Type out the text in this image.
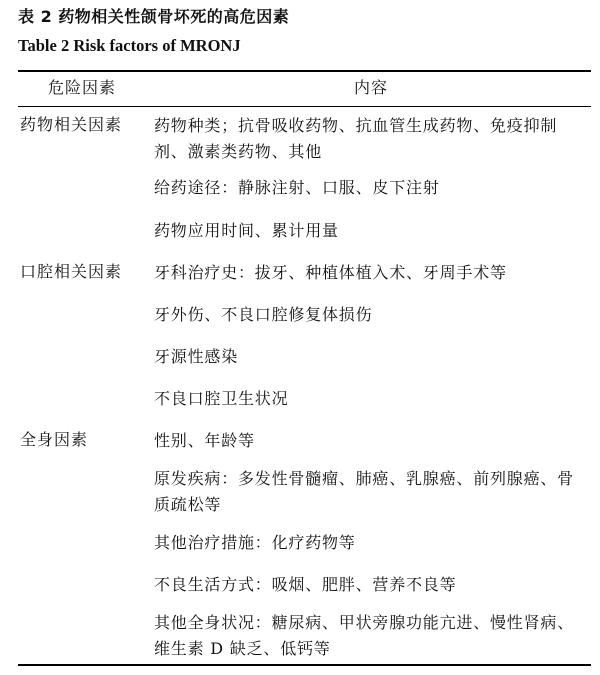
表 2 药物相关性颌骨坏死的高危因素
Table 2 Risk factors of MRONJ
危险因素	内容
药物相关因素 药物种类；抗骨吸收药物、抗血管生成药物、免疫抑制剂、激素类药物、其他
给药途径：静脉注射、口服、皮下注射
药物应用时间、累计用量
口腔相关因素 牙科治疗史：拔牙、种植体植入术、牙周手术等
牙外伤、不良口腔修复体损伤
牙源性感染
不良口腔卫生状况
全身因素	性别、年龄等
原发疾病：多发性骨髓瘤、肺癌、乳腺癌、前列腺癌、骨质疏松等
其他治疗措施：化疗药物等
不良生活方式：吸烟、肥胖、营养不良等
其他全身状况：糖尿病、甲状旁腺功能亢进、慢性肾病、维生素 D 缺乏、低钙等
